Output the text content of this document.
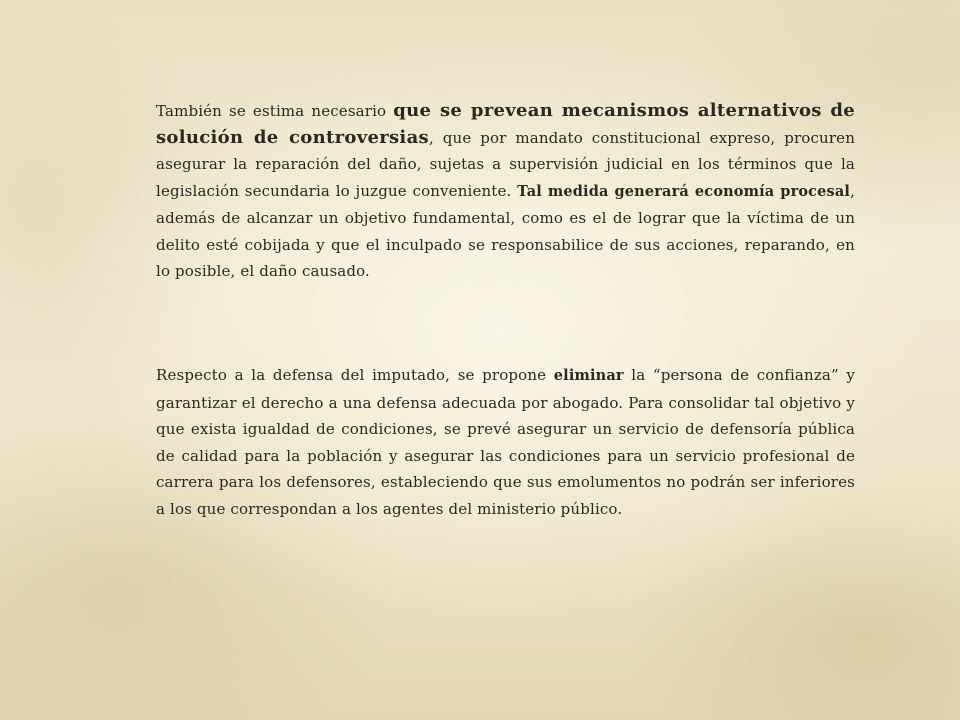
También se estima necesario que se prevean mecanismos alternativos de solución de controversias, que por mandato constitucional expreso, procuren asegurar la reparación del daño, sujetas a supervisión judicial en los términos que la legislación secundaria lo juzgue conveniente. Tal medida generará economía procesal, además de alcanzar un objetivo fundamental, como es el de lograr que la víctima de un delito esté cobijada y que el inculpado se responsabilice de sus acciones, reparando, en lo posible, el daño causado.

Respecto a la defensa del imputado, se propone eliminar la “persona de confianza” y garantizar el derecho a una defensa adecuada por abogado. Para consolidar tal objetivo y que exista igualdad de condiciones, se prevé asegurar un servicio de defensoría pública de calidad para la población y asegurar las condiciones para un servicio profesional de carrera para los defensores, estableciendo que sus emolumentos no podrán ser inferiores a los que correspondan a los agentes del ministerio público.
